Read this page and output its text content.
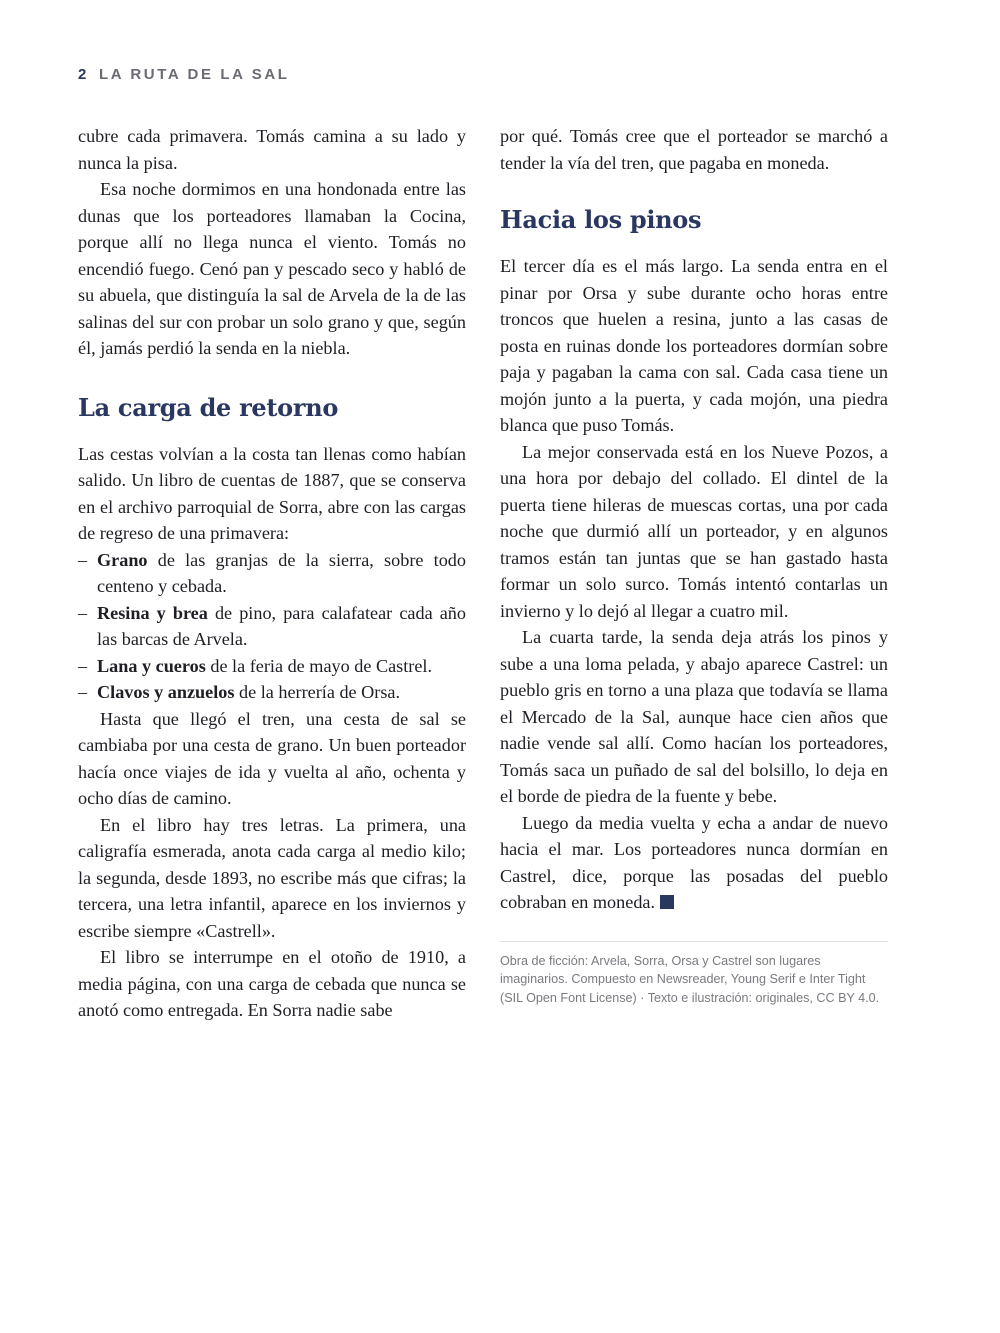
2 LA RUTA DE LA SAL

cubre cada primavera. Tomás camina a su lado y nunca la pisa.

Esa noche dormimos en una hondonada entre las dunas que los porteadores llamaban la Cocina, porque allí no llega nunca el viento. Tomás no encendió fuego. Cenó pan y pescado seco y habló de su abuela, que distinguía la sal de Arvela de la de las salinas del sur con probar un solo grano y que, según él, jamás perdió la senda en la niebla.

La carga de retorno

Las cestas volvían a la costa tan llenas como habían salido. Un libro de cuentas de 1887, que se conserva en el archivo parroquial de Sorra, abre con las cargas de regreso de una primavera:

– Grano de las granjas de la sierra, sobre todo centeno y cebada.
– Resina y brea de pino, para calafatear cada año las barcas de Arvela.
– Lana y cueros de la feria de mayo de Castrel.
– Clavos y anzuelos de la herrería de Orsa.

Hasta que llegó el tren, una cesta de sal se cambiaba por una cesta de grano. Un buen porteador hacía once viajes de ida y vuelta al año, ochenta y ocho días de camino.

En el libro hay tres letras. La primera, una caligrafía esmerada, anota cada carga al medio kilo; la segunda, desde 1893, no escribe más que cifras; la tercera, una letra infantil, aparece en los inviernos y escribe siempre «Castrell».

El libro se interrumpe en el otoño de 1910, a media página, con una carga de cebada que nunca se anotó como entregada. En Sorra nadie sabe

por qué. Tomás cree que el porteador se marchó a tender la vía del tren, que pagaba en moneda.

Hacia los pinos

El tercer día es el más largo. La senda entra en el pinar por Orsa y sube durante ocho horas entre troncos que huelen a resina, junto a las casas de posta en ruinas donde los porteadores dormían sobre paja y pagaban la cama con sal. Cada casa tiene un mojón junto a la puerta, y cada mojón, una piedra blanca que puso Tomás.

La mejor conservada está en los Nueve Pozos, a una hora por debajo del collado. El dintel de la puerta tiene hileras de muescas cortas, una por cada noche que durmió allí un porteador, y en algunos tramos están tan juntas que se han gastado hasta formar un solo surco. Tomás intentó contarlas un invierno y lo dejó al llegar a cuatro mil.

La cuarta tarde, la senda deja atrás los pinos y sube a una loma pelada, y abajo aparece Castrel: un pueblo gris en torno a una plaza que todavía se llama el Mercado de la Sal, aunque hace cien años que nadie vende sal allí. Como hacían los porteadores, Tomás saca un puñado de sal del bolsillo, lo deja en el borde de piedra de la fuente y bebe.

Luego da media vuelta y echa a andar de nuevo hacia el mar. Los porteadores nunca dormían en Castrel, dice, porque las posadas del pueblo cobraban en moneda.

Obra de ficción: Arvela, Sorra, Orsa y Castrel son lugares imaginarios. Compuesto en Newsreader, Young Serif e Inter Tight (SIL Open Font License) · Texto e ilustración: originales, CC BY 4.0.
